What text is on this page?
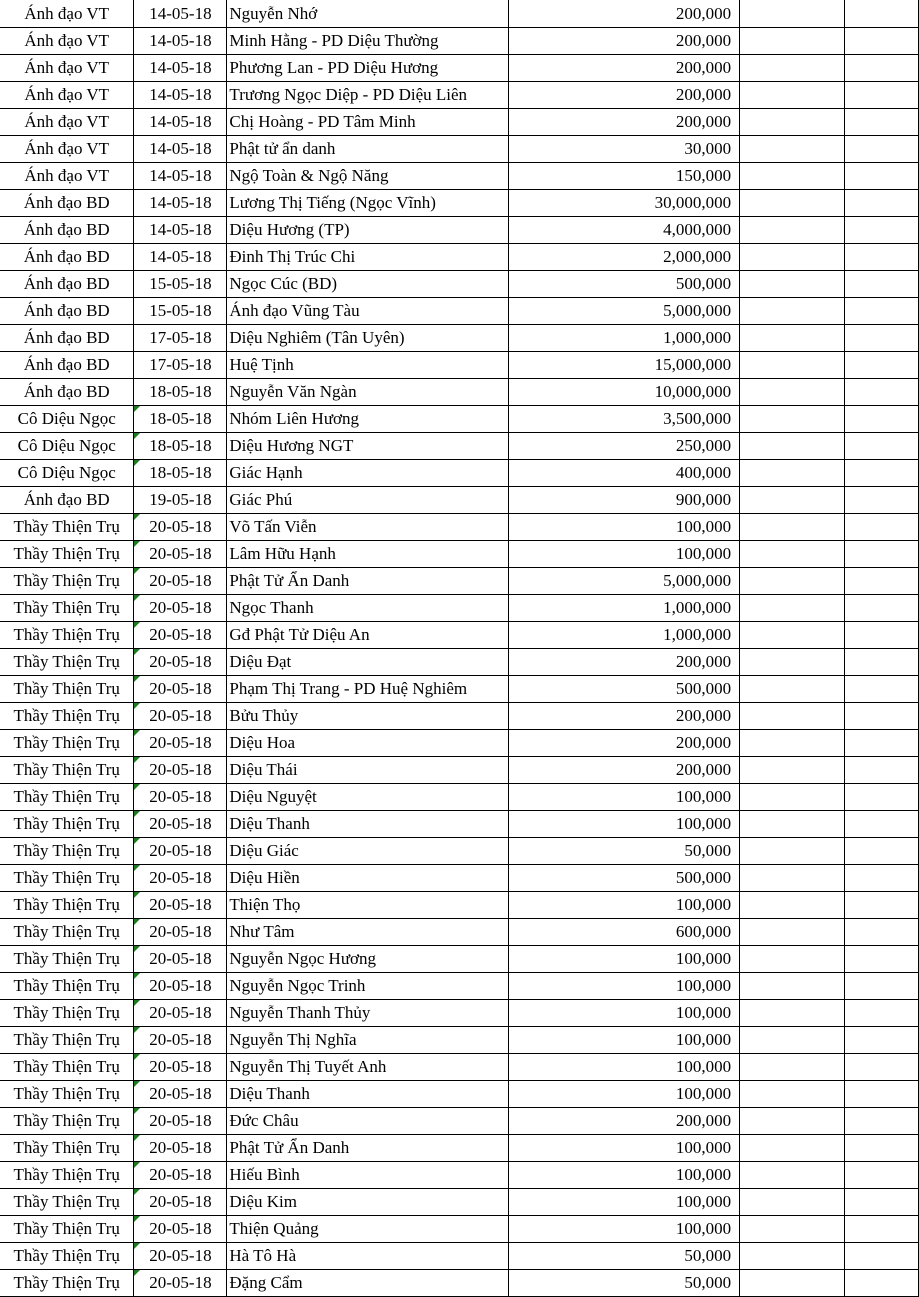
Ánh đạo VT	14-05-18	Nguyễn Nhớ	200,000		
Ánh đạo VT	14-05-18	Minh Hằng - PD Diệu Thường	200,000		
Ánh đạo VT	14-05-18	Phương Lan - PD Diệu Hương	200,000		
Ánh đạo VT	14-05-18	Trương Ngọc Diệp - PD Diệu Liên	200,000		
Ánh đạo VT	14-05-18	Chị Hoàng - PD Tâm Minh	200,000		
Ánh đạo VT	14-05-18	Phật tử ẩn danh	30,000		
Ánh đạo VT	14-05-18	Ngộ Toàn & Ngộ Năng	150,000		
Ánh đạo BD	14-05-18	Lương Thị Tiếng (Ngọc Vĩnh)	30,000,000		
Ánh đạo BD	14-05-18	Diệu Hương (TP)	4,000,000		
Ánh đạo BD	14-05-18	Đinh Thị Trúc Chi	2,000,000		
Ánh đạo BD	15-05-18	Ngọc Cúc (BD)	500,000		
Ánh đạo BD	15-05-18	Ánh đạo Vũng Tàu	5,000,000		
Ánh đạo BD	17-05-18	Diệu Nghiêm (Tân Uyên)	1,000,000		
Ánh đạo BD	17-05-18	Huệ Tịnh	15,000,000		
Ánh đạo BD	18-05-18	Nguyễn Văn Ngàn	10,000,000		
Cô Diệu Ngọc	18-05-18	Nhóm Liên Hương	3,500,000		
Cô Diệu Ngọc	18-05-18	Diệu Hương NGT	250,000		
Cô Diệu Ngọc	18-05-18	Giác Hạnh	400,000		
Ánh đạo BD	19-05-18	Giác Phú	900,000		
Thầy Thiện Trụ	20-05-18	Võ Tấn Viễn	100,000		
Thầy Thiện Trụ	20-05-18	Lâm Hữu Hạnh	100,000		
Thầy Thiện Trụ	20-05-18	Phật Tử Ẩn Danh	5,000,000		
Thầy Thiện Trụ	20-05-18	Ngọc Thanh	1,000,000		
Thầy Thiện Trụ	20-05-18	Gđ Phật Tử Diệu An	1,000,000		
Thầy Thiện Trụ	20-05-18	Diệu Đạt	200,000		
Thầy Thiện Trụ	20-05-18	Phạm Thị Trang - PD Huệ Nghiêm	500,000		
Thầy Thiện Trụ	20-05-18	Bửu Thủy	200,000		
Thầy Thiện Trụ	20-05-18	Diệu Hoa	200,000		
Thầy Thiện Trụ	20-05-18	Diệu Thái	200,000		
Thầy Thiện Trụ	20-05-18	Diệu Nguyệt	100,000		
Thầy Thiện Trụ	20-05-18	Diệu Thanh	100,000		
Thầy Thiện Trụ	20-05-18	Diệu Giác	50,000		
Thầy Thiện Trụ	20-05-18	Diệu Hiền	500,000		
Thầy Thiện Trụ	20-05-18	Thiện Thọ	100,000		
Thầy Thiện Trụ	20-05-18	Như Tâm	600,000		
Thầy Thiện Trụ	20-05-18	Nguyễn Ngọc Hương	100,000		
Thầy Thiện Trụ	20-05-18	Nguyễn Ngọc Trinh	100,000		
Thầy Thiện Trụ	20-05-18	Nguyễn Thanh Thủy	100,000		
Thầy Thiện Trụ	20-05-18	Nguyễn Thị Nghĩa	100,000		
Thầy Thiện Trụ	20-05-18	Nguyễn Thị Tuyết Anh	100,000		
Thầy Thiện Trụ	20-05-18	Diệu Thanh	100,000		
Thầy Thiện Trụ	20-05-18	Đức Châu	200,000		
Thầy Thiện Trụ	20-05-18	Phật Tử Ẩn Danh	100,000		
Thầy Thiện Trụ	20-05-18	Hiếu Bình	100,000		
Thầy Thiện Trụ	20-05-18	Diệu Kim	100,000		
Thầy Thiện Trụ	20-05-18	Thiện Quảng	100,000		
Thầy Thiện Trụ	20-05-18	Hà Tô Hà	50,000		
Thầy Thiện Trụ	20-05-18	Đặng Cẩm	50,000		
